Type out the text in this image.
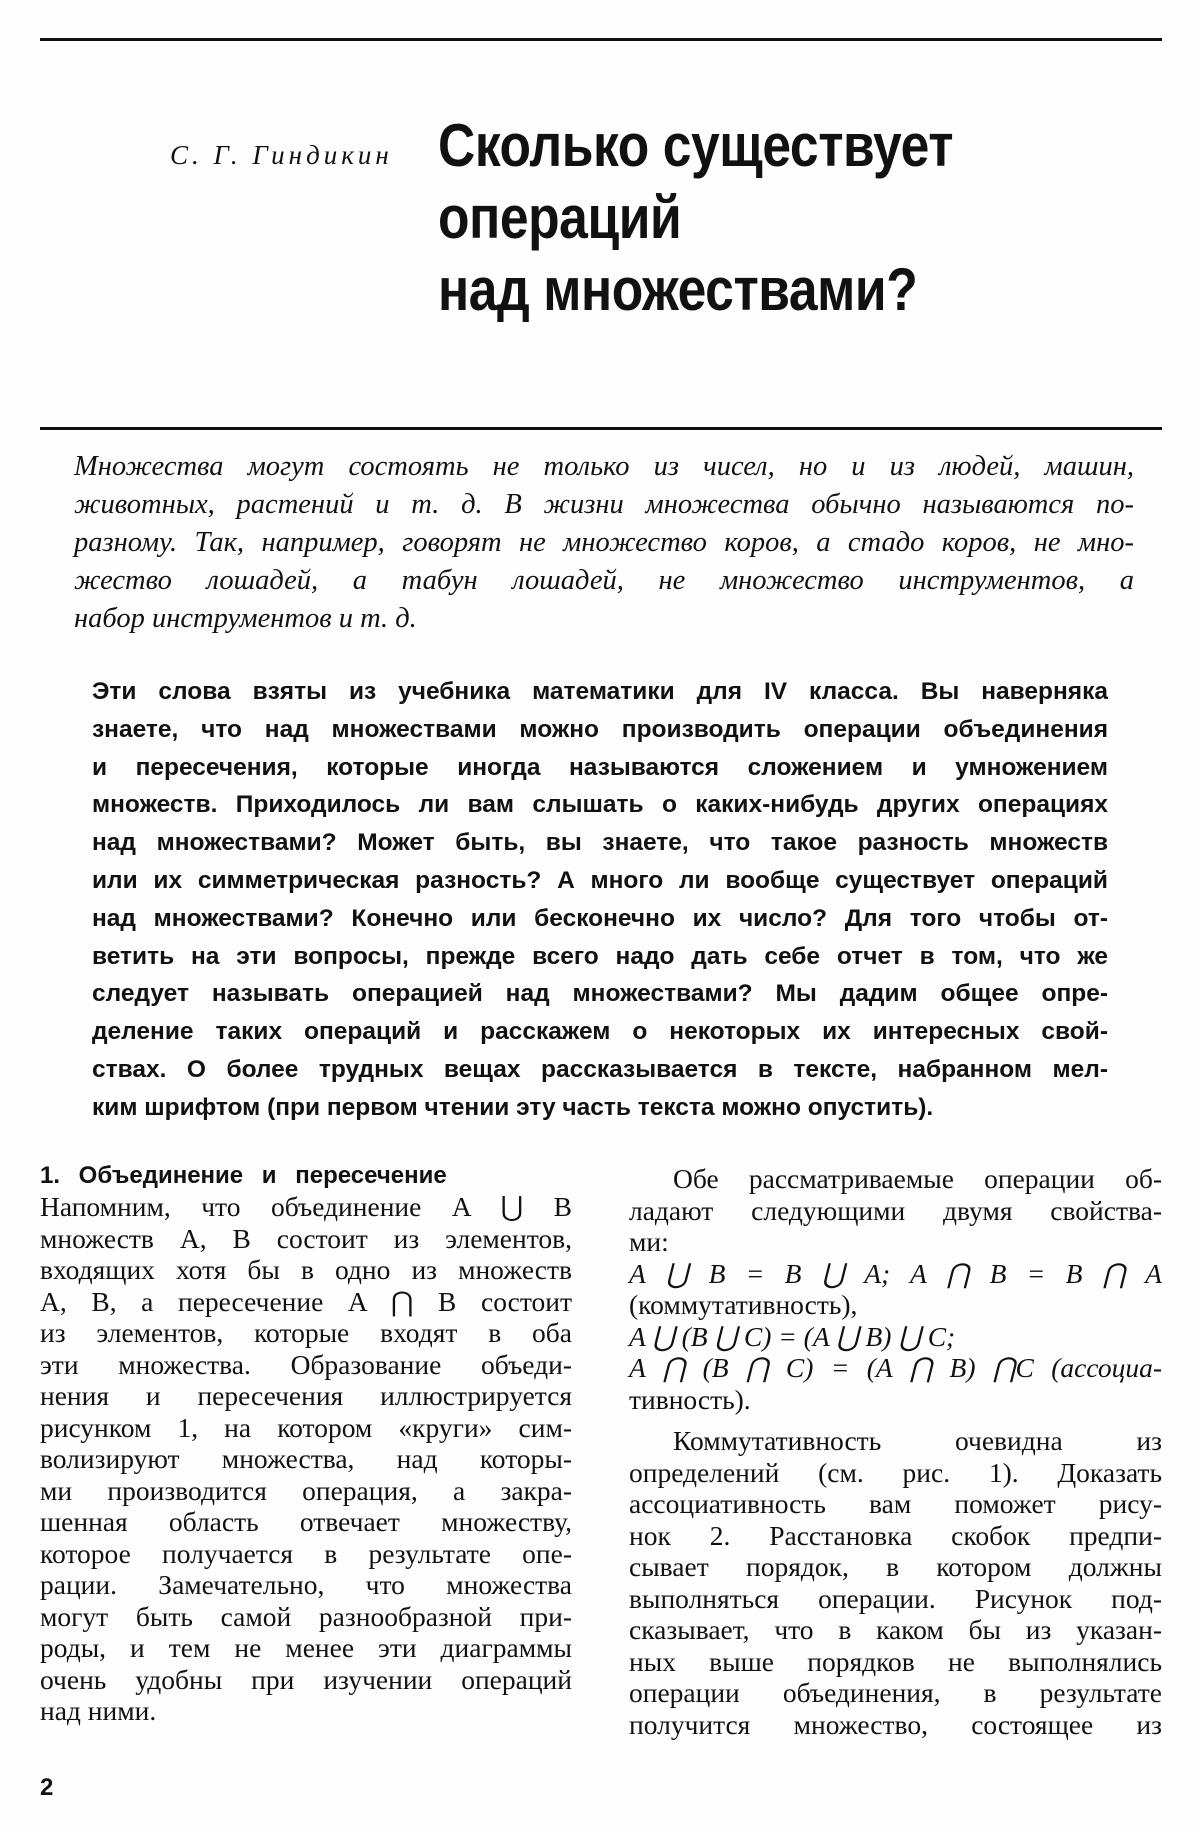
С. Г. Гиндикин Сколько существует
операций
над множествами?
Множества могут состоять не только из чисел, но и из людей, машин,
животных, растений и т. д. В жизни множества обычно называются по-
разному. Так, например, говорят не множество коров, а стадо коров, не мно-
жество лошадей, а табун лошадей, не множество инструментов, а
набор инструментов и т. д.
Эти слова взяты из учебника математики для IV класса. Вы наверняка
знаете, что над множествами можно производить операции объединения
и пересечения, которые иногда называются сложением и умножением
множеств. Приходилось ли вам слышать о каких-нибудь других операциях
над множествами? Может быть, вы знаете, что такое разность множеств
или их симметрическая разность? А много ли вообще существует операций
над множествами? Конечно или бесконечно их число? Для того чтобы от-
ветить на эти вопросы, прежде всего надо дать себе отчет в том, что же
следует называть операцией над множествами? Мы дадим общее опре-
деление таких операций и расскажем о некоторых их интересных свой-
ствах. О более трудных вещах рассказывается в тексте, набранном мел-
ким шрифтом (при первом чтении эту часть текста можно опустить).
1. Объединение и пересечение
Напомним, что объединение A ⋃ B
множеств A, B состоит из элементов,
входящих хотя бы в одно из множеств
A, B, а пересечение A ⋂ B состоит
из элементов, которые входят в оба
эти множества. Образование объеди-
нения и пересечения иллюстрируется
рисунком 1, на котором «круги» сим-
волизируют множества, над которы-
ми производится операция, а закра-
шенная область отвечает множеству,
которое получается в результате опе-
рации. Замечательно, что множества
могут быть самой разнообразной при-
роды, и тем не менее эти диаграммы
очень удобны при изучении операций
над ними.
Обе рассматриваемые операции об-
ладают следующими двумя свойства-
ми:
A ⋃ B = B ⋃ A; A ⋂ B = B ⋂ A
(коммутативность),
A ⋃ (B ⋃ C) = (A ⋃ B) ⋃ C;
A ⋂ (B ⋂ C) = (A ⋂ B) ⋂C (ассоциа-
тивность).
Коммутативность очевидна из
определений (см. рис. 1). Доказать
ассоциативность вам поможет рису-
нок 2. Расстановка скобок предпи-
сывает порядок, в котором должны
выполняться операции. Рисунок под-
сказывает, что в каком бы из указан-
ных выше порядков не выполнялись
операции объединения, в результате
получится множество, состоящее из
2
